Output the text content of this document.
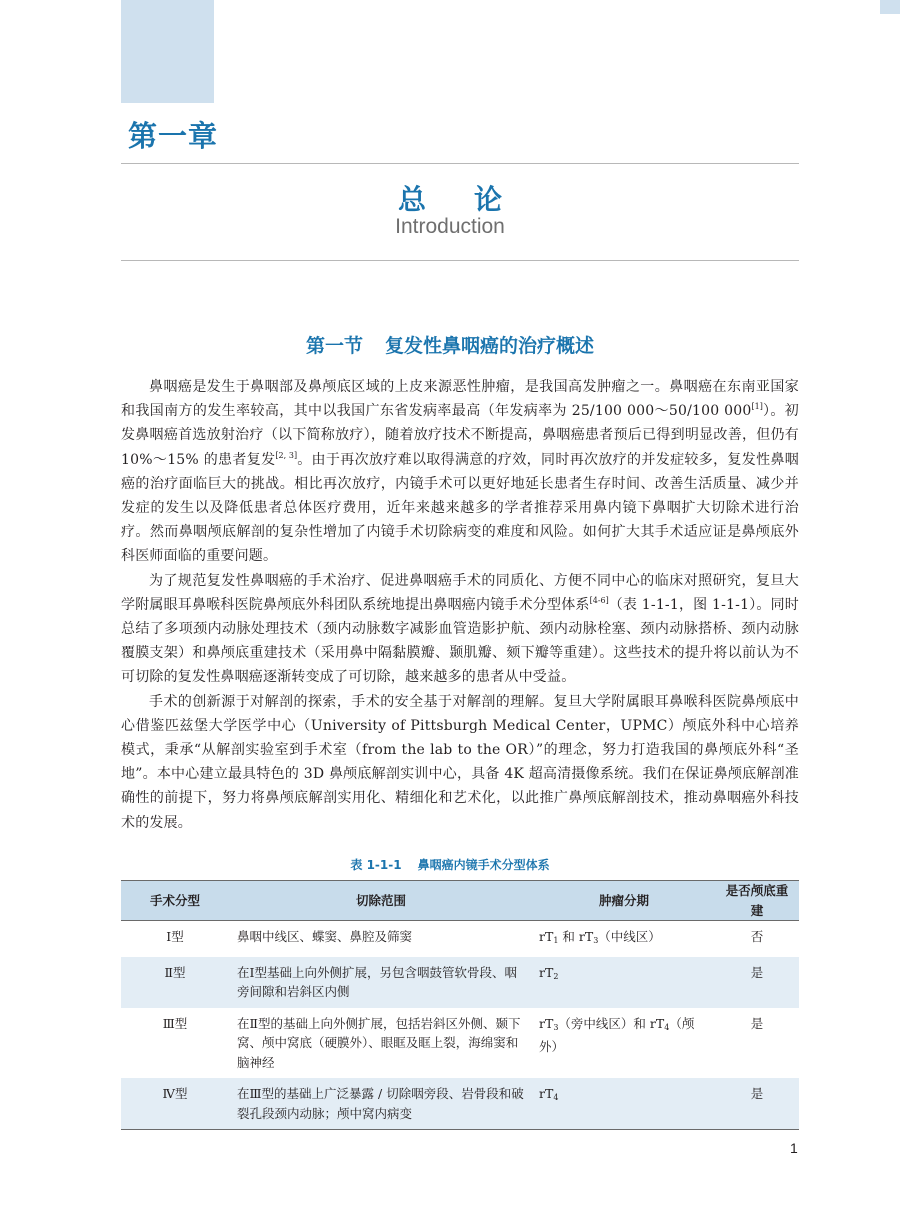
第一章
总论
Introduction
第一节 复发性鼻咽癌的治疗概述

鼻咽癌是发生于鼻咽部及鼻颅底区域的上皮来源恶性肿瘤，是我国高发肿瘤之一。鼻咽癌在东南亚国家和我国南方的发生率较高，其中以我国广东省发病率最高（年发病率为 25/100 000～50/100 000[1]）。初发鼻咽癌首选放射治疗（以下简称放疗），随着放疗技术不断提高，鼻咽癌患者预后已得到明显改善，但仍有 10%～15% 的患者复发[2, 3]。由于再次放疗难以取得满意的疗效，同时再次放疗的并发症较多，复发性鼻咽癌的治疗面临巨大的挑战。相比再次放疗，内镜手术可以更好地延长患者生存时间、改善生活质量、减少并发症的发生以及降低患者总体医疗费用，近年来越来越多的学者推荐采用鼻内镜下鼻咽扩大切除术进行治疗。然而鼻咽颅底解剖的复杂性增加了内镜手术切除病变的难度和风险。如何扩大其手术适应证是鼻颅底外科医师面临的重要问题。

为了规范复发性鼻咽癌的手术治疗、促进鼻咽癌手术的同质化、方便不同中心的临床对照研究，复旦大学附属眼耳鼻喉科医院鼻颅底外科团队系统地提出鼻咽癌内镜手术分型体系[4-6]（表 1-1-1，图 1-1-1）。同时总结了多项颈内动脉处理技术（颈内动脉数字减影血管造影护航、颈内动脉栓塞、颈内动脉搭桥、颈内动脉覆膜支架）和鼻颅底重建技术（采用鼻中隔黏膜瓣、颞肌瓣、颏下瓣等重建）。这些技术的提升将以前认为不可切除的复发性鼻咽癌逐渐转变成了可切除，越来越多的患者从中受益。

手术的创新源于对解剖的探索，手术的安全基于对解剖的理解。复旦大学附属眼耳鼻喉科医院鼻颅底中心借鉴匹兹堡大学医学中心（University of Pittsburgh Medical Center，UPMC）颅底外科中心培养模式，秉承“从解剖实验室到手术室（from the lab to the OR）”的理念，努力打造我国的鼻颅底外科“圣地”。本中心建立最具特色的 3D 鼻颅底解剖实训中心，具备 4K 超高清摄像系统。我们在保证鼻颅底解剖准确性的前提下，努力将鼻颅底解剖实用化、精细化和艺术化，以此推广鼻颅底解剖技术，推动鼻咽癌外科技术的发展。

表 1-1-1 鼻咽癌内镜手术分型体系
手术分型	切除范围	肿瘤分期	是否颅底重建
Ⅰ型	鼻咽中线区、蝶窦、鼻腔及筛窦	$rT_1$ 和 $rT_3$（中线区）	否
Ⅱ型	在Ⅰ型基础上向外侧扩展，另包含咽鼓管软骨段、咽旁间隙和岩斜区内侧	$rT_2$	是
Ⅲ型	在Ⅱ型的基础上向外侧扩展，包括岩斜区外侧、颞下窝、颅中窝底（硬膜外）、眼眶及眶上裂，海绵窦和脑神经	$rT_3$（旁中线区）和 $rT_4$（颅外）	是
Ⅳ型	在Ⅲ型的基础上广泛暴露 / 切除咽旁段、岩骨段和破裂孔段颈内动脉；颅中窝内病变	$rT_4$	是
1
